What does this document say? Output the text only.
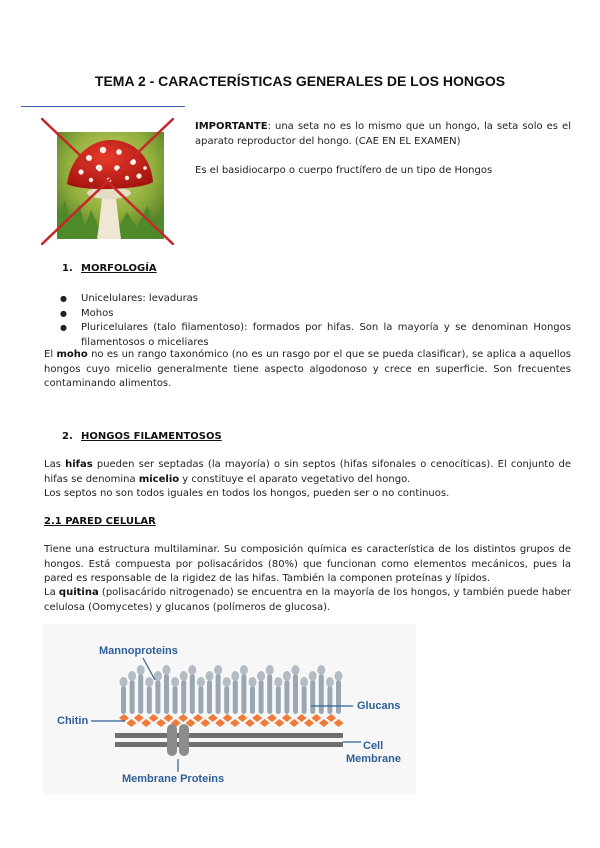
TEMA 2 - CARACTERÍSTICAS GENERALES DE LOS HONGOS
IMPORTANTE: una seta no es lo mismo que un hongo, la seta solo es el aparato reproductor del hongo. (CAE EN EL EXAMEN)
Es el basidiocarpo o cuerpo fructífero de un tipo de Hongos
1. MORFOLOGÍA
●	Unicelulares: levaduras
●	Mohos
●	Pluricelulares (talo filamentoso): formados por hifas. Son la mayoría y se denominan Hongos filamentosos o miceliares
El moho no es un rango taxonómico (no es un rasgo por el que se pueda clasificar), se aplica a aquellos hongos cuyo micelio generalmente tiene aspecto algodonoso y crece en superficie. Son frecuentes contaminando alimentos.
2. HONGOS FILAMENTOSOS
Las hifas pueden ser septadas (la mayoría) o sin septos (hifas sifonales o cenocíticas). El conjunto de hifas se denomina micelio y constituye el aparato vegetativo del hongo.
Los septos no son todos iguales en todos los hongos, pueden ser o no continuos.
2.1 PARED CELULAR
Tiene una estructura multilaminar. Su composición química es característica de los distintos grupos de hongos. Está compuesta por polisacáridos (80%) que funcionan como elementos mecánicos, pues la pared es responsable de la rigidez de las hifas. También la componen proteínas y lípidos.
La quitina (polisacárido nitrogenado) se encuentra en la mayoría de los hongos, y también puede haber celulosa (Oomycetes) y glucanos (polímeros de glucosa).
Mannoproteins
Glucans
Chitin
Cell
Membrane
Membrane Proteins
